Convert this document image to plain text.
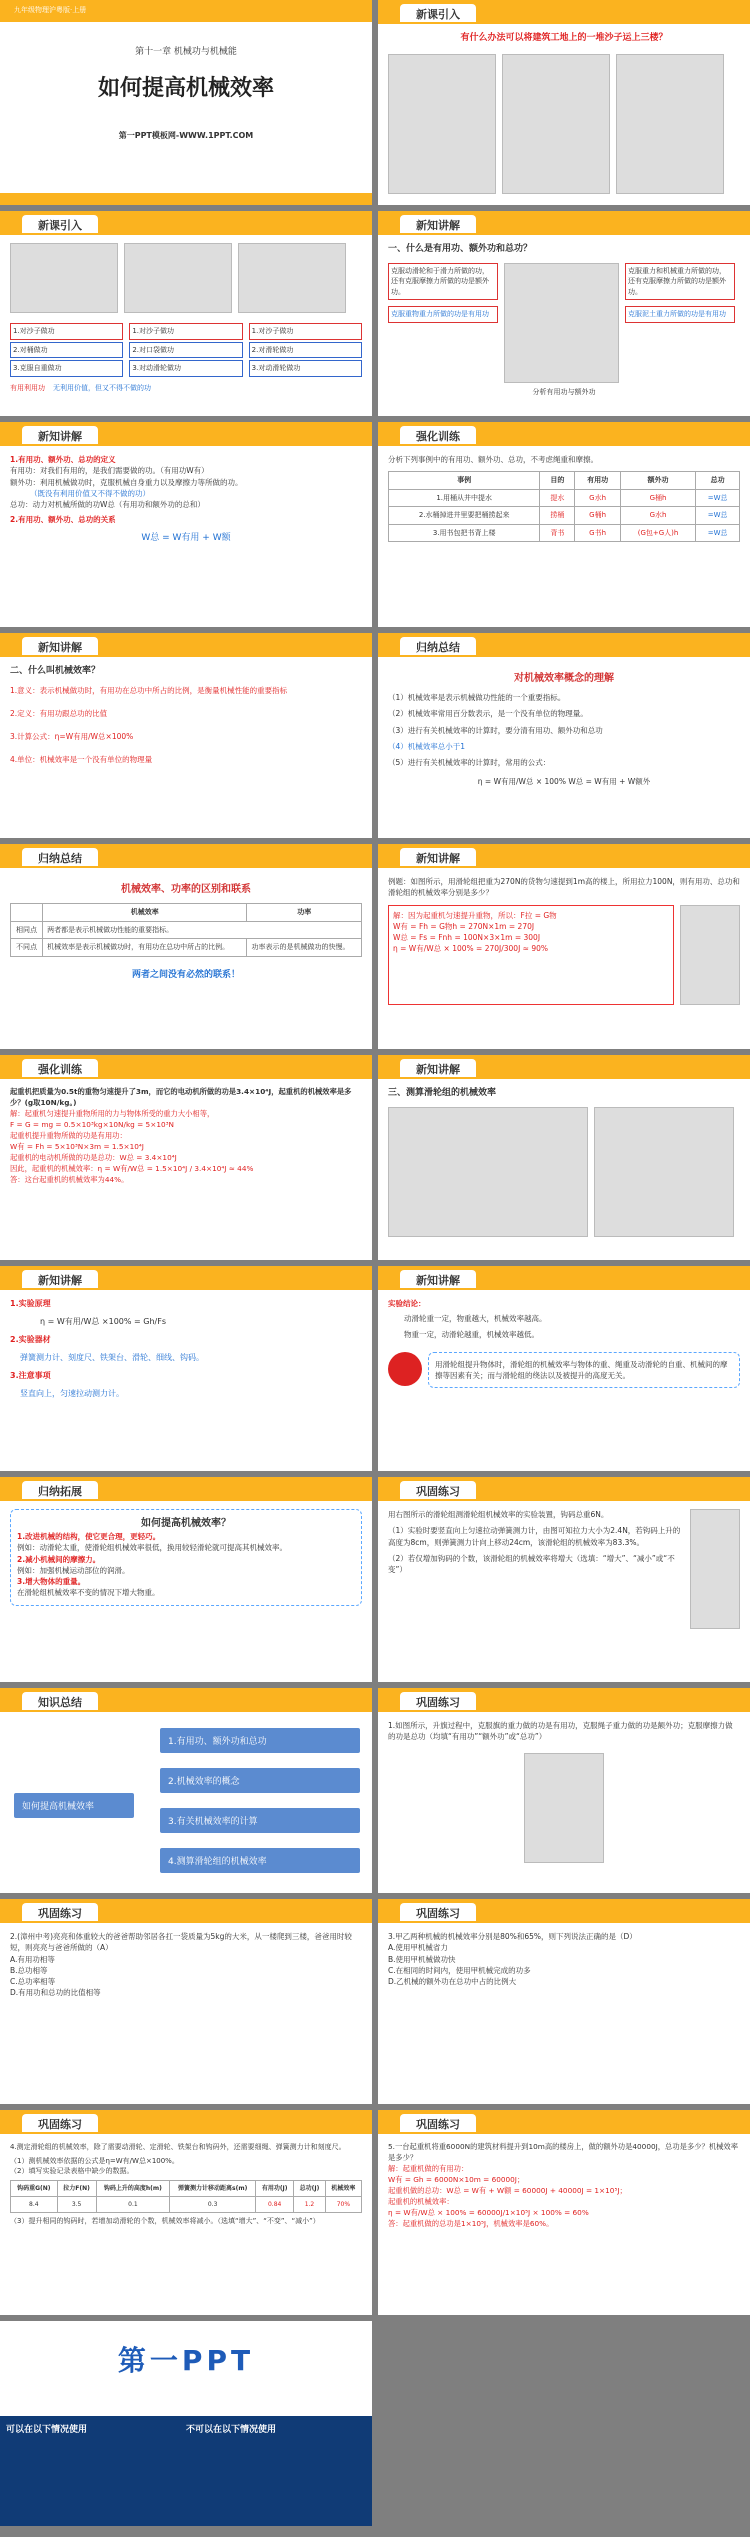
九年级物理沪粤版·上册
第十一章 机械功与机械能
如何提高机械效率
第一PPT模板网-WWW.1PPT.COM
新课引入
有什么办法可以将建筑工地上的一堆沙子运上三楼？
新课引入
1.对沙子做功	1.对沙子做功	1.对沙子做功
2.对桶做功	2.对口袋做功	2.对滑轮做功
3.克服自重做功	3.对动滑轮做功	3.对动滑轮做功
有用利用功 无利用价值，但又不得不做的功
新知讲解
一、什么是有用功、额外功和总功？
克服动滑轮和于滑力所做的功，还有克服摩擦力所做的功是额外功。
克服重物重力所做的功是有用功
克服重力和机械重力所做的功，还有克服摩擦力所做的功是额外功。
克服泥土重力所做的功是有用功
分析有用功与额外功
新知讲解
1.有用功、额外功、总功的定义
有用功：对我们有用的，是我们需要做的功。（有用功W有）
额外功：利用机械做功时，克服机械自身重力以及摩擦力等所做的功。
（既没有利用价值又不得不做的功）
总功：动力对机械所做的功W总（有用功和额外功的总和）
2.有用功、额外功、总功的关系
W总 = W有用 + W额
强化训练
分析下列事例中的有用功、额外功、总功，不考虑绳重和摩擦。
事例	目的	有用功	额外功	总功
1.用桶从井中提水	提水	G水h	G桶h	=W总
2.水桶掉进井里要把桶捞起来	捞桶	G桶h	G水h	=W总
3.用书包把书背上楼	背书	G书h	(G包+G人)h	=W总
新知讲解
二、什么叫机械效率？
1.意义：表示机械做功时，有用功在总功中所占的比例，是衡量机械性能的重要指标
2.定义：有用功跟总功的比值
3.计算公式：η=W有用/W总×100%
4.单位：机械效率是一个没有单位的物理量
归纳总结
对机械效率概念的理解
（1）机械效率是表示机械做功性能的一个重要指标。
（2）机械效率常用百分数表示，是一个没有单位的物理量。
（3）进行有关机械效率的计算时，要分清有用功、额外功和总功
（4）机械效率总小于1
（5）进行有关机械效率的计算时，常用的公式：
η = W有用/W总 × 100% W总 = W有用 + W额外
归纳总结
机械效率、功率的区别和联系
	机械效率	功率
相同点	两者都是表示机械做功性能的重要指标。	
不同点	机械效率是表示机械做功时，有用功在总功中所占的比例。	功率表示的是机械做功的快慢。
两者之间没有必然的联系！
新知讲解
例题：如图所示，用滑轮组把重为270N的货物匀速提到1m高的楼上，所用拉力100N，则有用功、总功和滑轮组的机械效率分别是多少？
解：因为起重机匀速提升重物，所以：F拉 = G物
W有 = Fh = G物h = 270N×1m = 270J
W总 = Fs = Fnh = 100N×3×1m = 300J
η = W有/W总 × 100% = 270J/300J ≈ 90%
强化训练
起重机把质量为0.5t的重物匀速提升了3m，而它的电动机所做的功是3.4×10⁴J，起重机的机械效率是多少？(g取10N/kg。)
解：起重机匀速提升重物所用的力与物体所受的重力大小相等，
F = G = mg = 0.5×10³kg×10N/kg = 5×10³N
起重机提升重物所做的功是有用功：
W有 = Fh = 5×10³N×3m = 1.5×10⁴J
起重机的电动机所做的功是总功：W总 = 3.4×10⁴J
因此，起重机的机械效率：η = W有/W总 = 1.5×10⁴J / 3.4×10⁴J ≈ 44%
答：这台起重机的机械效率为44%。
新知讲解
三、测算滑轮组的机械效率
新知讲解
1.实验原理
η = W有用/W总 ×100% = Gh/Fs
2.实验器材
弹簧测力计、刻度尺、铁架台、滑轮、细线、钩码。
3.注意事项
竖直向上，匀速拉动测力计。
新知讲解
实验结论：
动滑轮重一定，物重越大，机械效率越高。
物重一定，动滑轮越重，机械效率越低。
用滑轮组提升物体时，滑轮组的机械效率与物体的重、绳重及动滑轮的自重、机械间的摩擦等因素有关；而与滑轮组的绕法以及被提升的高度无关。
归纳拓展
如何提高机械效率？
1.改进机械的结构，使它更合理，更轻巧。
例如：动滑轮太重，使滑轮组机械效率很低，换用较轻滑轮就可提高其机械效率。
2.减小机械间的摩擦力。
例如：加强机械运动部位的润滑。
3.增大物体的重量。
在滑轮组机械效率不变的情况下增大物重。
巩固练习
用右图所示的滑轮组测滑轮组机械效率的实验装置，钩码总重6N。
（1）实验时要竖直向上匀速拉动弹簧测力计，由图可知拉力大小为2.4N，若钩码上升的高度为8cm，则弹簧测力计向上移动24cm，该滑轮组的机械效率为83.3%。
（2）若仅增加钩码的个数，该滑轮组的机械效率将增大（选填：“增大”、“减小”或“不变”）
知识总结
如何提高机械效率
1.有用功、额外功和总功
2.机械效率的概念
3.有关机械效率的计算
4.测算滑轮组的机械效率
巩固练习
1.如图所示，升旗过程中，克服旗的重力做的功是有用功，克服绳子重力做的功是额外功；克服摩擦力做的功是总功（均填“有用功”“额外功”或“总功”）
巩固练习
2.(漳州中考)亮亮和体重较大的爸爸帮助邻居各扛一袋质量为5kg的大米，从一楼爬到三楼，爸爸用时较短，则亮亮与爸爸所做的（A）
A.有用功相等
B.总功相等
C.总功率相等
D.有用功和总功的比值相等
巩固练习
3.甲乙两种机械的机械效率分别是80%和65%，则下列说法正确的是（D）
A.使用甲机械省力
B.使用甲机械做功快
C.在相同的时间内，使用甲机械完成的功多
D.乙机械的额外功在总功中占的比例大
巩固练习
4.测定滑轮组的机械效率，除了需要动滑轮、定滑轮、铁架台和钩码外，还需要细绳、弹簧测力计和刻度尺。
（1）测机械效率依据的公式是η=W有/W总×100%。
（2）填写实验记录表格中缺少的数据。
钩码重G(N)	拉力F(N)	钩码上升的高度h(m)	弹簧测力计移动距离s(m)	有用功(J)	总功(J)	机械效率
8.4	3.5	0.1	0.3	0.84	1.2	70%
（3）提升相同的钩码时，若增加动滑轮的个数，机械效率将减小。（选填“增大”、“不变”、“减小”）
巩固练习
5.一台起重机将重6000N的建筑材料提升到10m高的楼房上，做的额外功是40000J，总功是多少？机械效率是多少？
解：起重机做的有用功：
W有 = Gh = 6000N×10m = 60000J；
起重机做的总功：W总 = W有 + W额 = 60000J + 40000J = 1×10⁵J；
起重机的机械效率：
η = W有/W总 × 100% = 60000J/1×10⁵J × 100% = 60%
答：起重机做的总功是1×10⁵J，机械效率是60%。
第一PPT
可以在以下情况使用	不可以在以下情况使用
